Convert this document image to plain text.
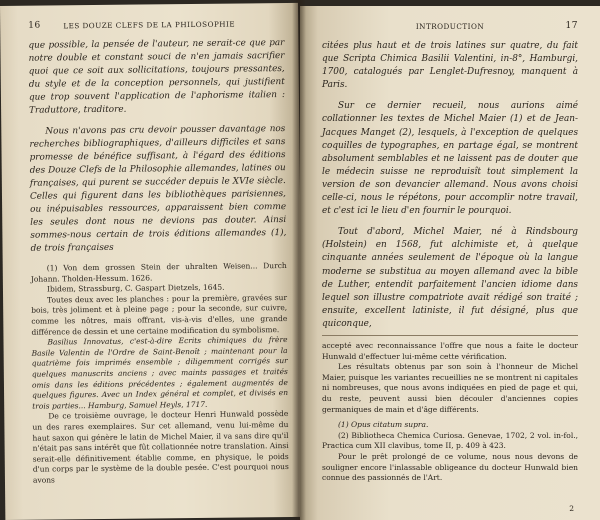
16	LES DOUZE CLEFS DE LA PHILOSOPHIE

que possible, la pensée de l'auteur, ne serait-ce que par notre double et constant souci de n'en jamais sacrifier quoi que ce soit aux sollicitations, toujours pressantes, du style et de la conception personnels, qui justifient que trop souvent l'application de l'aphorisme italien : Traduttore, traditore.

Nous n'avons pas cru devoir pousser davantage nos recherches bibliographiques, d'ailleurs difficiles et sans promesse de bénéfice suffisant, à l'égard des éditions des Douze Clefs de la Philosophie allemandes, latines ou françaises, qui purent se succéder depuis le XVIe siècle. Celles qui figurent dans les bibliothèques parisiennes, ou inépuisables ressources, apparaissent bien comme les seules dont nous ne devions pas douter. Ainsi sommes-nous certain de trois éditions allemandes (1), de trois françaises

(1) Von dem grossen Stein der uhralten Weisen... Durch Johann. Tholden-Hessum. 1626.

Ibidem, Strassburg, C. Gaspart Dietzels, 1645.

Toutes deux avec les planches : pour la première, gravées sur bois, très joliment et à pleine page ; pour la seconde, sur cuivre, comme les nôtres, mais offrant, vis-à-vis d'elles, une grande différence de dessin et une certaine modification du symbolisme.

Basilius Innovatus, c'est-à-dire Ecrits chimiques du frère Basile Valentin de l'Ordre de Saint-Benoît ; maintenant pour la quatrième fois imprimés ensemble ; diligemment corrigés sur quelques manuscrits anciens ; avec maints passages et traités omis dans les éditions précédentes ; également augmentés de quelques figures. Avec un Index général et complet, et divisés en trois parties... Hamburg, Samuel Heyls, 1717.

De ce troisième ouvrage, le docteur Henri Hunwald possède un des rares exemplaires. Sur cet allemand, venu lui-même du haut saxon qui génère le latin de Michel Maier, il va sans dire qu'il n'était pas sans intérêt que fût collationnée notre translation. Ainsi serait-elle définitivement établie comme, en physique, le poids d'un corps par le système de la double pesée. C'est pourquoi nous avons

INTRODUCTION	17

citées plus haut et de trois latines sur quatre, du fait que Scripta Chimica Basilii Valentini, in-8°, Hamburgi, 1700, catalogués par Lenglet-Dufresnoy, manquent à Paris.

Sur ce dernier recueil, nous aurions aimé collationner les textes de Michel Maier (1) et de Jean-Jacques Manget (2), lesquels, à l'exception de quelques coquilles de typographes, en partage égal, se montrent absolument semblables et ne laissent pas de douter que le médecin suisse ne reproduisît tout simplement la version de son devancier allemand. Nous avons choisi celle-ci, nous le répétons, pour accomplir notre travail, et c'est ici le lieu d'en fournir le pourquoi.

Tout d'abord, Michel Maier, né à Rindsbourg (Holstein) en 1568, fut alchimiste et, à quelque cinquante années seulement de l'époque où la langue moderne se substitua au moyen allemand avec la bible de Luther, entendit parfaitement l'ancien idiome dans lequel son illustre compatriote avait rédigé son traité ; ensuite, excellent latiniste, il fut désigné, plus que quiconque,

accepté avec reconnaissance l'offre que nous a faite le docteur Hunwald d'effectuer lui-même cette vérification.

Les résultats obtenus par son soin à l'honneur de Michel Maier, puisque les variantes recueillies ne se montrent ni capitales ni nombreuses, que nous avons indiquées en pied de page et qui, du reste, peuvent aussi bien découler d'anciennes copies germaniques de main et d'âge différents.

(1) Opus citatum supra.

(2) Bibliotheca Chemica Curiosa. Genevae, 1702, 2 vol. in-fol., Practica cum XII clavibus, tome II, p. 409 à 423.

Pour le prêt prolongé de ce volume, nous nous devons de souligner encore l'inlassable obligeance du docteur Hunwald bien connue des passionnés de l'Art.

2
